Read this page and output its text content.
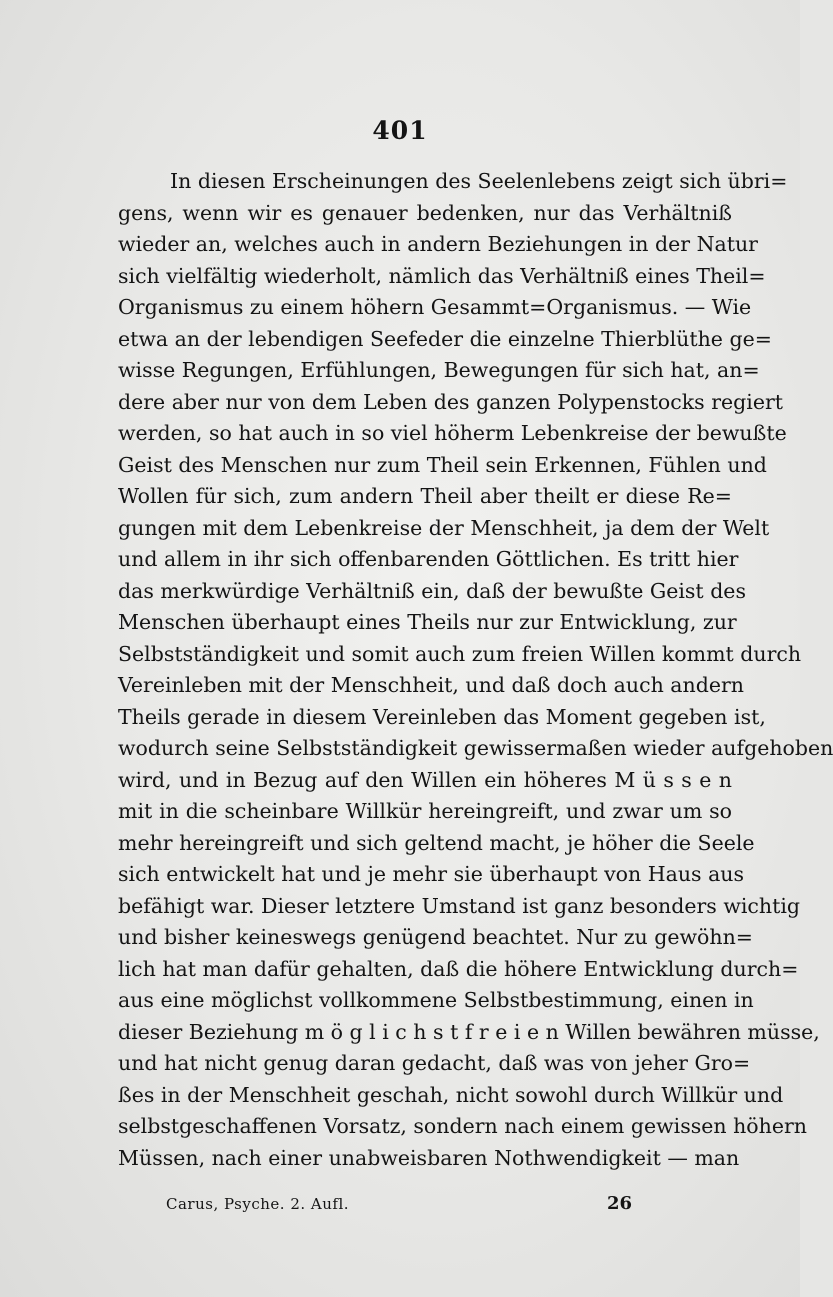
401
In diesen Erscheinungen des Seelenlebens zeigt sich übri=
gens, wenn wir es genauer bedenken, nur das Verhältniß
wieder an, welches auch in andern Beziehungen in der Natur
sich vielfältig wiederholt, nämlich das Verhältniß eines Theil=
Organismus zu einem höhern Gesammt=Organismus. — Wie
etwa an der lebendigen Seefeder die einzelne Thierblüthe ge=
wisse Regungen, Erfühlungen, Bewegungen für sich hat, an=
dere aber nur von dem Leben des ganzen Polypenstocks regiert
werden, so hat auch in so viel höherm Lebenkreise der bewußte
Geist des Menschen nur zum Theil sein Erkennen, Fühlen und
Wollen für sich, zum andern Theil aber theilt er diese Re=
gungen mit dem Lebenkreise der Menschheit, ja dem der Welt
und allem in ihr sich offenbarenden Göttlichen. Es tritt hier
das merkwürdige Verhältniß ein, daß der bewußte Geist des
Menschen überhaupt eines Theils nur zur Entwicklung, zur
Selbstständigkeit und somit auch zum freien Willen kommt durch
Vereinleben mit der Menschheit, und daß doch auch andern
Theils gerade in diesem Vereinleben das Moment gegeben ist,
wodurch seine Selbstständigkeit gewissermaßen wieder aufgehoben
wird, und in Bezug auf den Willen ein höheres M ü s s e n
mit in die scheinbare Willkür hereingreift, und zwar um so
mehr hereingreift und sich geltend macht, je höher die Seele
sich entwickelt hat und je mehr sie überhaupt von Haus aus
befähigt war. Dieser letztere Umstand ist ganz besonders wichtig
und bisher keineswegs genügend beachtet. Nur zu gewöhn=
lich hat man dafür gehalten, daß die höhere Entwicklung durch=
aus eine möglichst vollkommene Selbstbestimmung, einen in
dieser Beziehung m ö g l i c h s t f r e i e n Willen bewähren müsse,
und hat nicht genug daran gedacht, daß was von jeher Gro=
ßes in der Menschheit geschah, nicht sowohl durch Willkür und
selbstgeschaffenen Vorsatz, sondern nach einem gewissen höhern
Müssen, nach einer unabweisbaren Nothwendigkeit — man
Carus, Psyche. 2. Aufl.	26
